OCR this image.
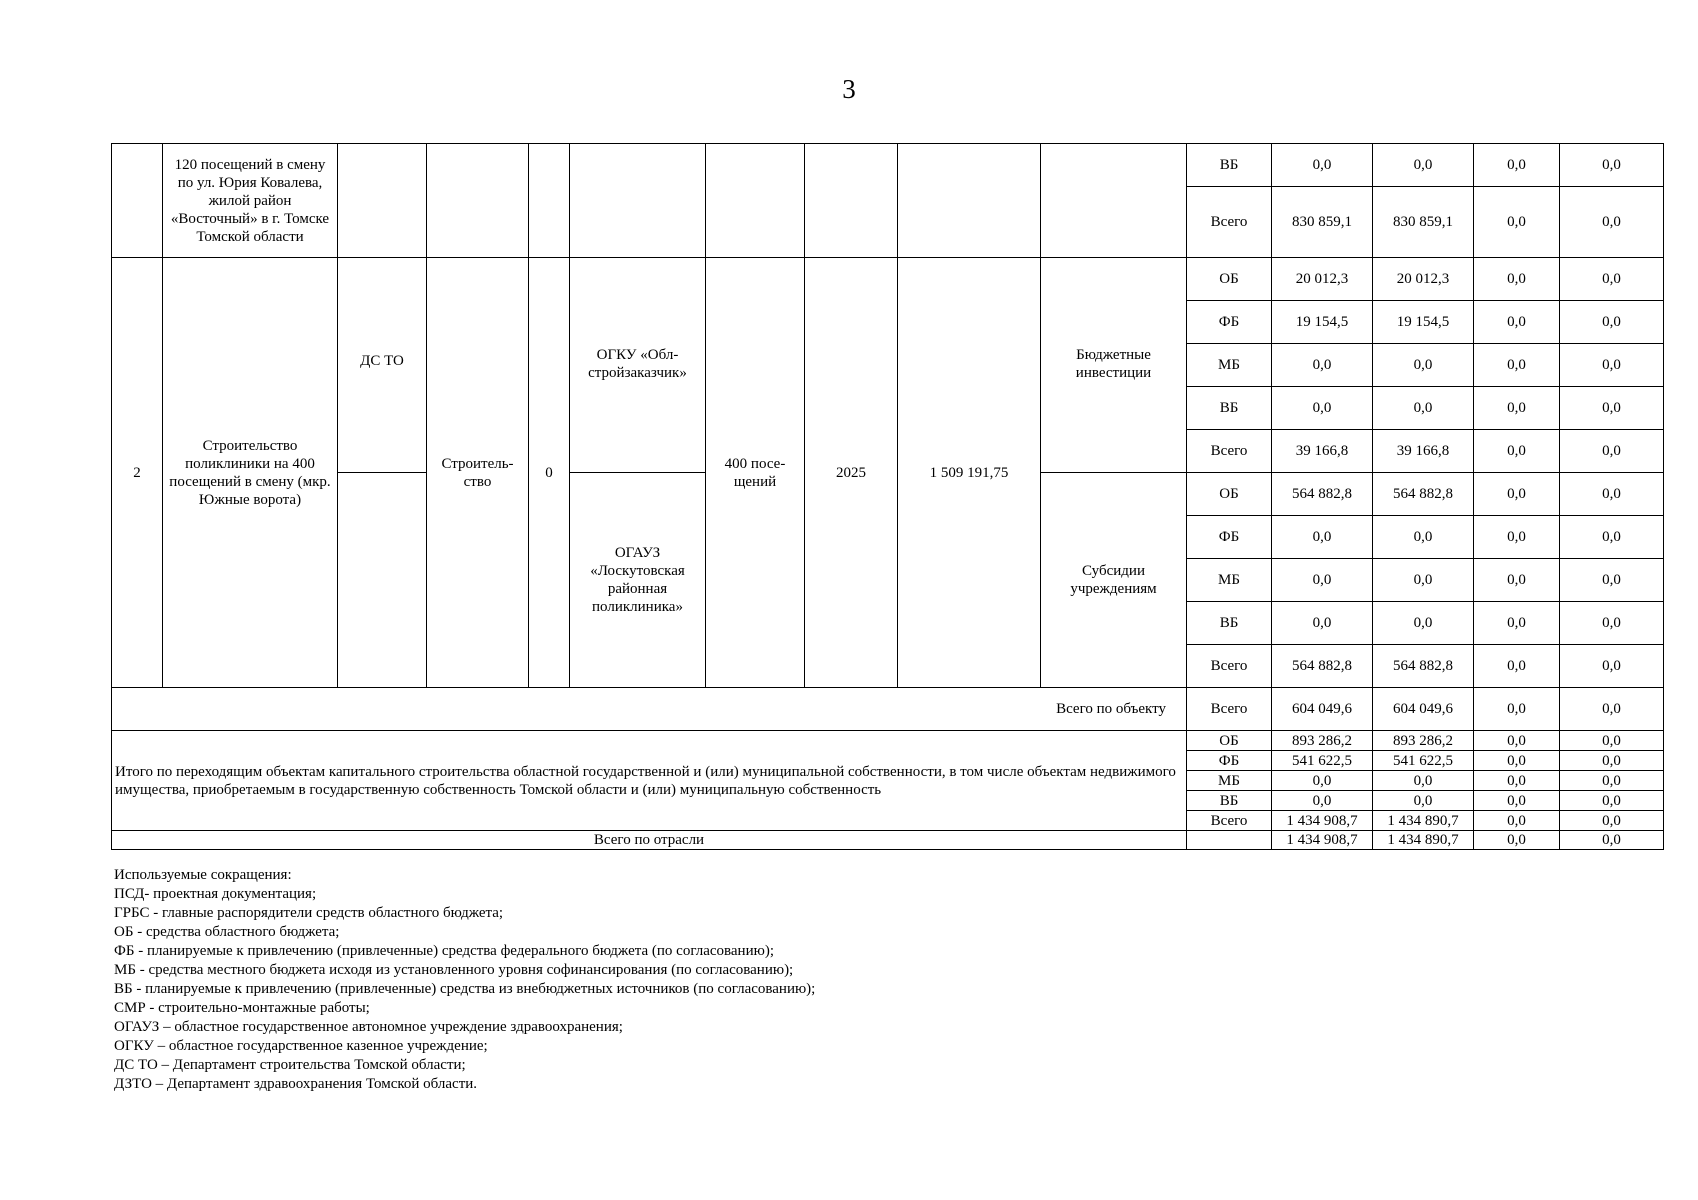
3
	120 посещений в смену по ул. Юрия Ковалева, жилой район «Восточный» в г. Томске Томской области									ВБ	0,0	0,0	0,0	0,0
										Всего	830 859,1	830 859,1	0,0	0,0
2	Строительство поликлиники на 400 посещений в смену (мкр. Южные ворота)	ДС ТО	Строитель-ство	0	ОГКУ «Обл-стройзаказчик»	400 посе-щений	2025	1 509 191,75	Бюджетные инвестиции	ОБ	20 012,3	20 012,3	0,0	0,0
										ФБ	19 154,5	19 154,5	0,0	0,0
										МБ	0,0	0,0	0,0	0,0
										ВБ	0,0	0,0	0,0	0,0
										Всего	39 166,8	39 166,8	0,0	0,0
					ОГАУЗ «Лоскутовская районная поликлиника»				Субсидии учреждениям	ОБ	564 882,8	564 882,8	0,0	0,0
										ФБ	0,0	0,0	0,0	0,0
										МБ	0,0	0,0	0,0	0,0
										ВБ	0,0	0,0	0,0	0,0
										Всего	564 882,8	564 882,8	0,0	0,0
Всего по объекту										Всего	604 049,6	604 049,6	0,0	0,0
Итого по переходящим объектам капитального строительства областной государственной и (или) муниципальной собственности, в том числе объектам недвижимого имущества, приобретаемым в государственную собственность Томской области и (или) муниципальную собственность										ОБ	893 286,2	893 286,2	0,0	0,0
										ФБ	541 622,5	541 622,5	0,0	0,0
										МБ	0,0	0,0	0,0	0,0
										ВБ	0,0	0,0	0,0	0,0
										Всего	1 434 908,7	1 434 890,7	0,0	0,0
Всего по отрасли											1 434 908,7	1 434 890,7	0,0	0,0
Используемые сокращения:
ПСД- проектная документация;
ГРБС - главные распорядители средств областного бюджета;
ОБ - средства областного бюджета;
ФБ - планируемые к привлечению (привлеченные) средства федерального бюджета (по согласованию);
МБ - средства местного бюджета исходя из установленного уровня софинансирования (по согласованию);
ВБ - планируемые к привлечению (привлеченные) средства из внебюджетных источников (по согласованию);
СМР - строительно-монтажные работы;
ОГАУЗ – областное государственное автономное учреждение здравоохранения;
ОГКУ – областное государственное казенное учреждение;
ДС ТО – Департамент строительства Томской области;
ДЗТО – Департамент здравоохранения Томской области.
